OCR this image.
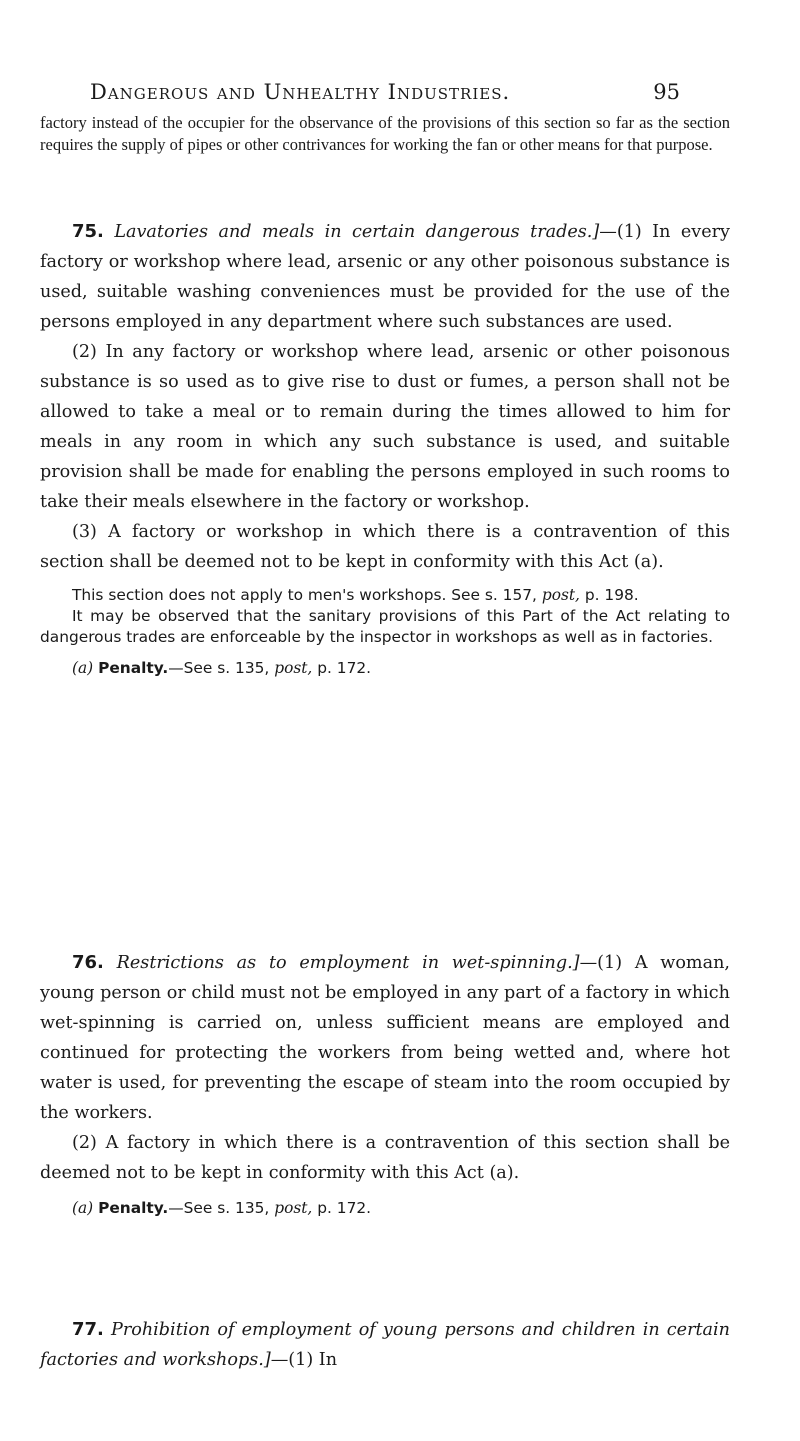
Dangerous and Unhealthy Industries.	95

factory instead of the occupier for the observance of the provisions of this section so far as the section requires the supply of pipes or other contrivances for working the fan or other means for that purpose.

75. Lavatories and meals in certain dangerous trades.]—(1) In every factory or workshop where lead, arsenic or any other poisonous substance is used, suitable washing conveniences must be provided for the use of the persons employed in any department where such substances are used.

(2) In any factory or workshop where lead, arsenic or other poisonous substance is so used as to give rise to dust or fumes, a person shall not be allowed to take a meal or to remain during the times allowed to him for meals in any room in which any such substance is used, and suitable provision shall be made for enabling the persons employed in such rooms to take their meals elsewhere in the factory or workshop.

(3) A factory or workshop in which there is a contravention of this section shall be deemed not to be kept in conformity with this Act (a).

This section does not apply to men's workshops. See s. 157, post, p. 198.

It may be observed that the sanitary provisions of this Part of the Act relating to dangerous trades are enforceable by the inspector in workshops as well as in factories.

(a) Penalty.—See s. 135, post, p. 172.

76. Restrictions as to employment in wet-spinning.]—(1) A woman, young person or child must not be employed in any part of a factory in which wet-spinning is carried on, unless sufficient means are employed and continued for protecting the workers from being wetted and, where hot water is used, for preventing the escape of steam into the room occupied by the workers.

(2) A factory in which there is a contravention of this section shall be deemed not to be kept in conformity with this Act (a).

(a) Penalty.—See s. 135, post, p. 172.

77. Prohibition of employment of young persons and children in certain factories and workshops.]—(1) In
